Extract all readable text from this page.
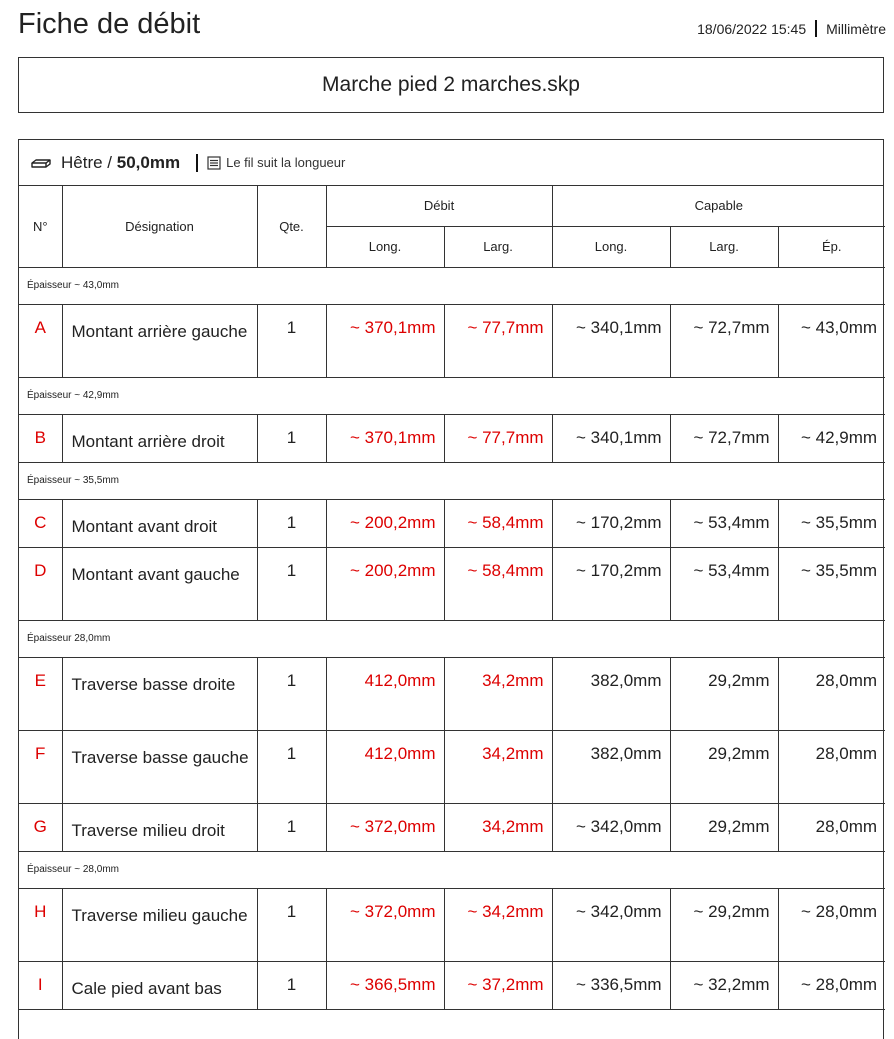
Fiche de débit	18/06/2022 15:45 Millimètre
Marche pied 2 marches.skp
Hêtre /
50,0mm	Le fil suit la longueur
N°	Désignation	Qte.	Débit		Capable		
			Long.	Larg.	Long.	Larg.	Ép.
Épaisseur ~ 43,0mm							
A	Montant arrière gauche	1	~ 370,1mm	~ 77,7mm	~ 340,1mm	~ 72,7mm	~ 43,0mm
Épaisseur ~ 42,9mm							
B	Montant arrière droit	1	~ 370,1mm	~ 77,7mm	~ 340,1mm	~ 72,7mm	~ 42,9mm
Épaisseur ~ 35,5mm							
C	Montant avant droit	1	~ 200,2mm	~ 58,4mm	~ 170,2mm	~ 53,4mm	~ 35,5mm
D	Montant avant gauche	1	~ 200,2mm	~ 58,4mm	~ 170,2mm	~ 53,4mm	~ 35,5mm
Épaisseur 28,0mm							
E	Traverse basse droite	1	412,0mm	34,2mm	382,0mm	29,2mm	28,0mm
F	Traverse basse gauche	1	412,0mm	34,2mm	382,0mm	29,2mm	28,0mm
G	Traverse milieu droit	1	~ 372,0mm	34,2mm	~ 342,0mm	29,2mm	28,0mm
Épaisseur ~ 28,0mm							
H	Traverse milieu gauche	1	~ 372,0mm	~ 34,2mm	~ 342,0mm	~ 29,2mm	~ 28,0mm
I	Cale pied avant bas	1	~ 366,5mm	~ 37,2mm	~ 336,5mm	~ 32,2mm	~ 28,0mm
